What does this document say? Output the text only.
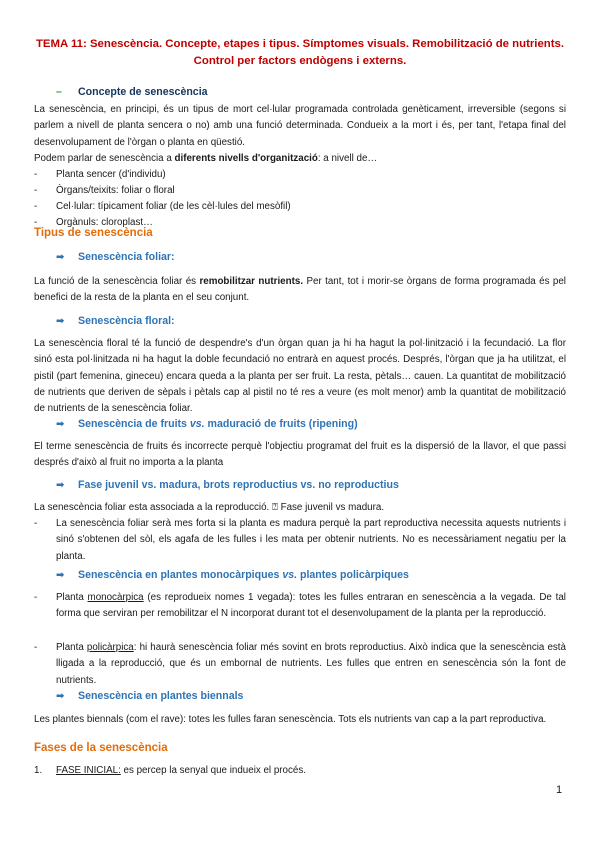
TEMA 11: Senescència. Concepte, etapes i tipus. Símptomes visuals. Remobilització de nutrients. Control per factors endògens i externs.
– Concepte de senescència
La senescència, en principi, és un tipus de mort cel·lular programada controlada genèticament, irreversible (segons si parlem a nivell de planta sencera o no) amb una funció determinada. Condueix a la mort i és, per tant, l'etapa final del desenvolupament de l'òrgan o planta en qüestió.
Podem parlar de senescència a diferents nivells d'organització: a nivell de…
- Planta sencer (d'individu)
- Òrgans/teixits: foliar o floral
- Cel·lular: típicament foliar (de les cèl·lules del mesòfil)
- Orgànuls: cloroplast…
Tipus de senescència
➡ Senescència foliar:
La funció de la senescència foliar és remobilitzar nutrients. Per tant, tot i morir-se òrgans de forma programada és pel benefici de la resta de la planta en el seu conjunt.
➡ Senescència floral:
La senescència floral té la funció de despendre's d'un òrgan quan ja hi ha hagut la pol·linització i la fecundació. La flor sinó esta pol·linitzada ni ha hagut la doble fecundació no entrarà en aquest procés. Després, l'òrgan que ja ha utilitzat, el pistil (part femenina, gineceu) encara queda a la planta per ser fruit. La resta, pètals… cauen. La quantitat de mobilització de nutrients que deriven de sèpals i pètals cap al pistil no té res a veure (es molt menor) amb la quantitat de mobilització de nutrients de la senescència foliar.
➡ Senescència de fruits vs. maduració de fruits (ripening)
El terme senescència de fruits és incorrecte perquè l'objectiu programat del fruit es la dispersió de la llavor, el que passi després d'això al fruit no importa a la planta
➡ Fase juvenil vs. madura, brots reproductius vs. no reproductius
La senescència foliar esta associada a la reproducció. ⍰ Fase juvenil vs madura.
- La senescència foliar serà mes forta si la planta es madura perquè la part reproductiva necessita aquests nutrients i sinó s'obtenen del sòl, els agafa de les fulles i les mata per obtenir nutrients. No es necessàriament negatiu per la planta.
➡ Senescència en plantes monocàrpiques vs. plantes policàrpiques
- Planta monocàrpica (es reprodueix nomes 1 vegada): totes les fulles entraran en senescència a la vegada. De tal forma que serviran per remobilitzar el N incorporat durant tot el desenvolupament de la planta per la reproducció.
- Planta policàrpica: hi haurà senescència foliar més sovint en brots reproductius. Això indica que la senescència està lligada a la reproducció, que és un embornal de nutrients. Les fulles que entren en senescència són la font de nutrients.
➡ Senescència en plantes biennals
Les plantes biennals (com el rave): totes les fulles faran senescència. Tots els nutrients van cap a la part reproductiva.
Fases de la senescència
1. FASE INICIAL: es percep la senyal que indueix el procés.
1
